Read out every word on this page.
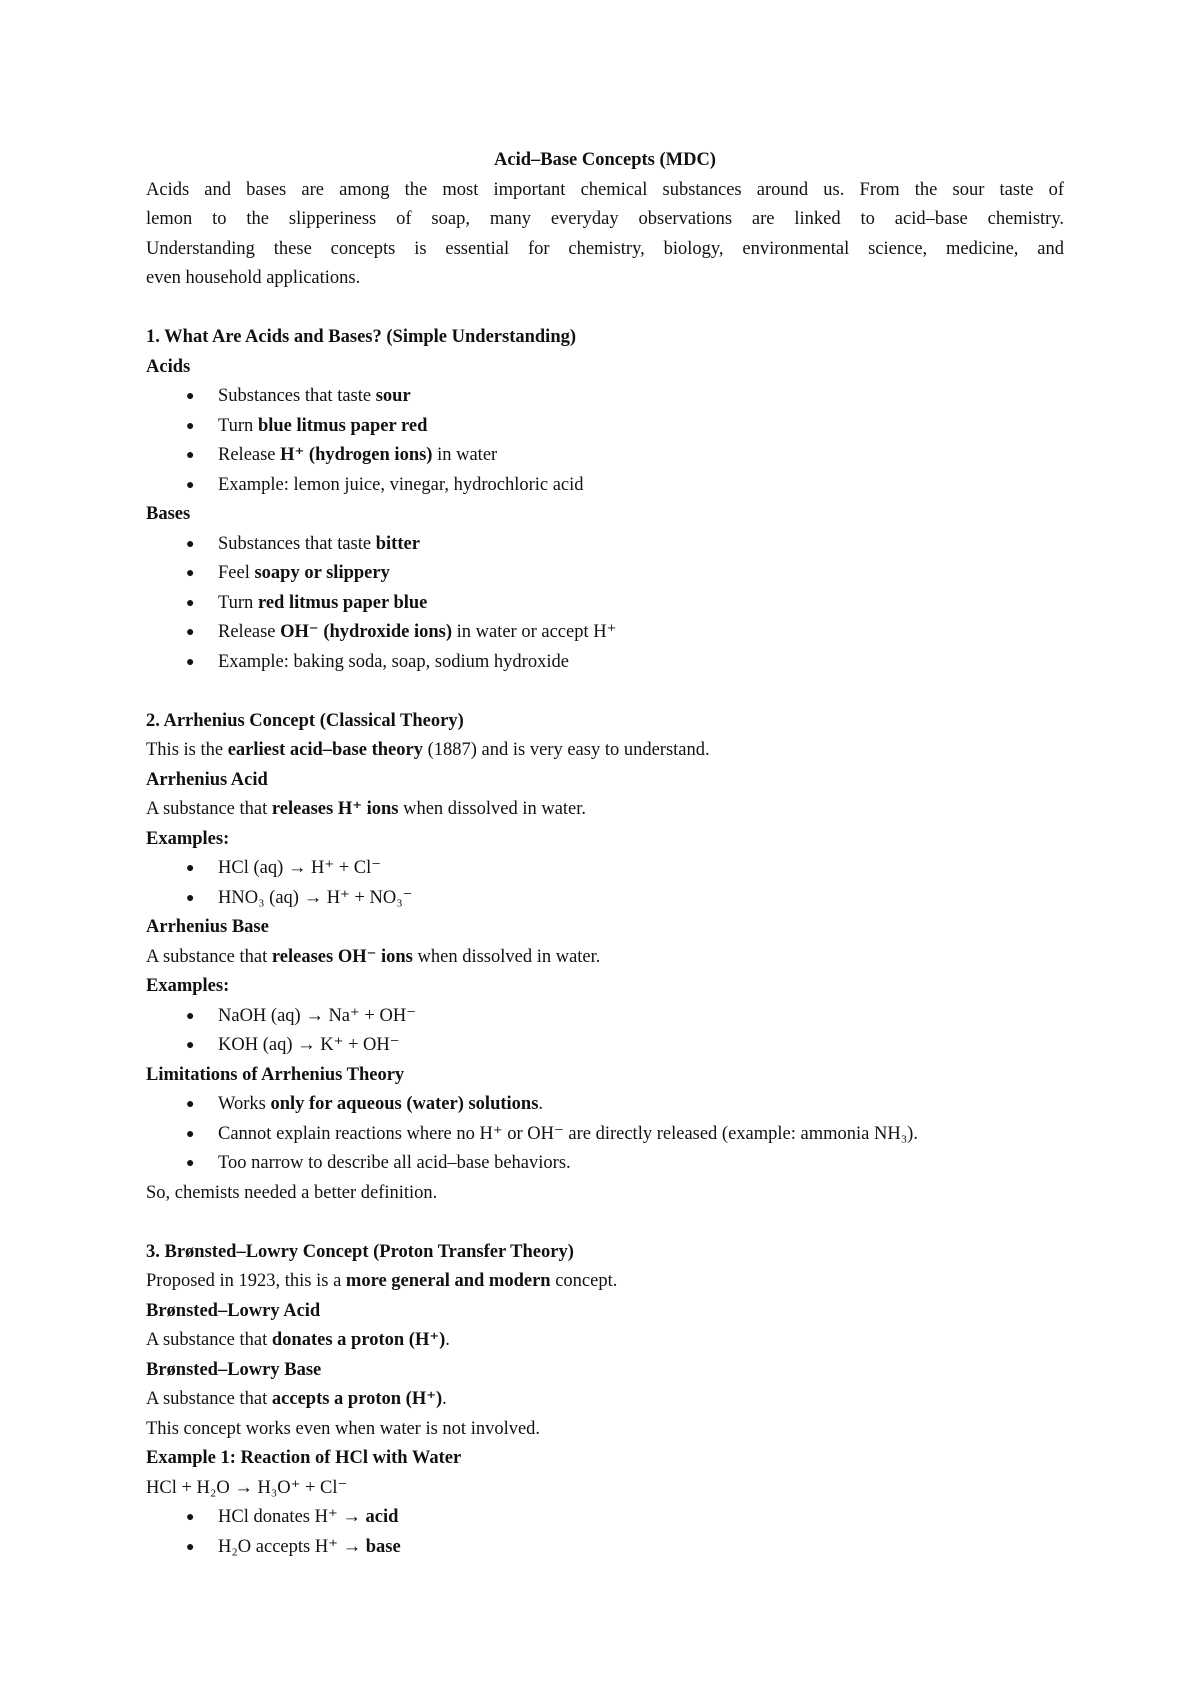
Acid–Base Concepts (MDC)
Acids and bases are among the most important chemical substances around us. From the sour taste of
lemon to the slipperiness of soap, many everyday observations are linked to acid–base chemistry.
Understanding these concepts is essential for chemistry, biology, environmental science, medicine, and
even household applications.
1. What Are Acids and Bases? (Simple Understanding)
Acids
● Substances that taste sour
● Turn blue litmus paper red
● Release H⁺ (hydrogen ions) in water
● Example: lemon juice, vinegar, hydrochloric acid
Bases
● Substances that taste bitter
● Feel soapy or slippery
● Turn red litmus paper blue
● Release OH⁻ (hydroxide ions) in water or accept H⁺
● Example: baking soda, soap, sodium hydroxide
2. Arrhenius Concept (Classical Theory)
This is the earliest acid–base theory (1887) and is very easy to understand.
Arrhenius Acid
A substance that releases H⁺ ions when dissolved in water.
Examples:
● HCl (aq) → H⁺ + Cl⁻
● HNO₃ (aq) → H⁺ + NO₃⁻
Arrhenius Base
A substance that releases OH⁻ ions when dissolved in water.
Examples:
● NaOH (aq) → Na⁺ + OH⁻
● KOH (aq) → K⁺ + OH⁻
Limitations of Arrhenius Theory
● Works only for aqueous (water) solutions.
● Cannot explain reactions where no H⁺ or OH⁻ are directly released (example: ammonia NH₃).
● Too narrow to describe all acid–base behaviors.
So, chemists needed a better definition.
3. Brønsted–Lowry Concept (Proton Transfer Theory)
Proposed in 1923, this is a more general and modern concept.
Brønsted–Lowry Acid
A substance that donates a proton (H⁺).
Brønsted–Lowry Base
A substance that accepts a proton (H⁺).
This concept works even when water is not involved.
Example 1: Reaction of HCl with Water
HCl + H₂O → H₃O⁺ + Cl⁻
● HCl donates H⁺ → acid
● H₂O accepts H⁺ → base
